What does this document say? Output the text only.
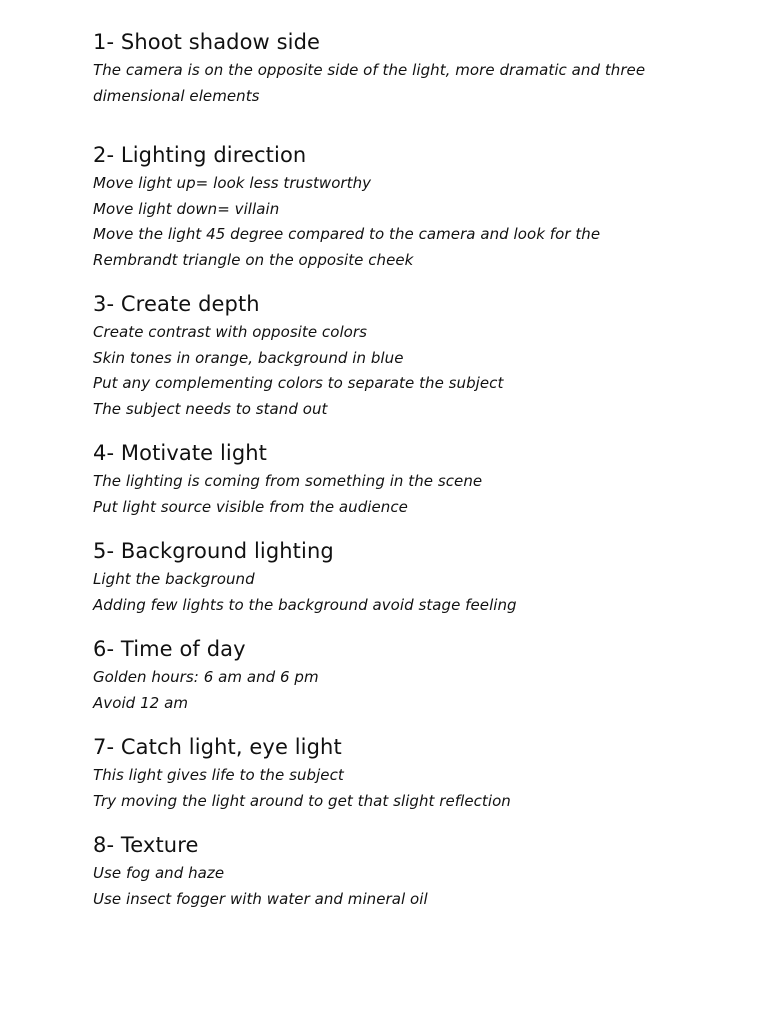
1- Shoot shadow side
The camera is on the opposite side of the light, more dramatic and three
dimensional elements
2- Lighting direction
Move light up= look less trustworthy
Move light down= villain
Move the light 45 degree compared to the camera and look for the
Rembrandt triangle on the opposite cheek
3- Create depth
Create contrast with opposite colors
Skin tones in orange, background in blue
Put any complementing colors to separate the subject
The subject needs to stand out
4- Motivate light
The lighting is coming from something in the scene
Put light source visible from the audience
5- Background lighting
Light the background
Adding few lights to the background avoid stage feeling
6- Time of day
Golden hours: 6 am and 6 pm
Avoid 12 am
7- Catch light, eye light
This light gives life to the subject
Try moving the light around to get that slight reflection
8- Texture
Use fog and haze
Use insect fogger with water and mineral oil
